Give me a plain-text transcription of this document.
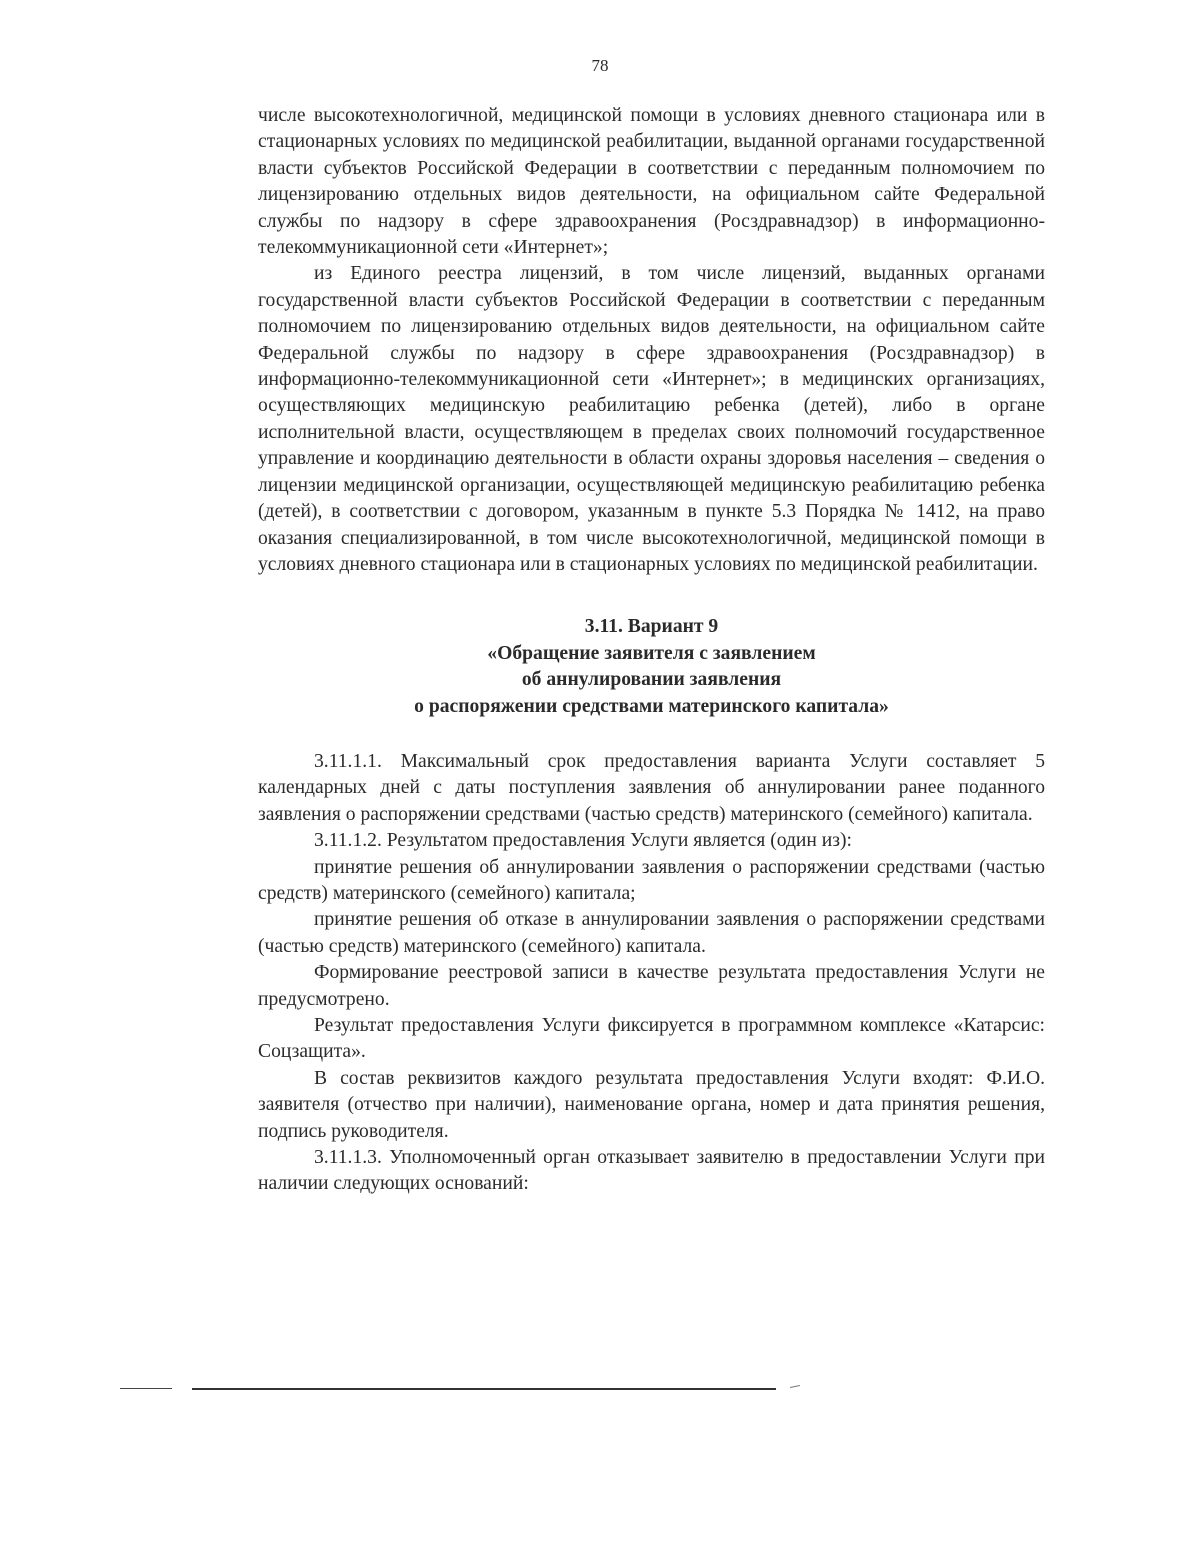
78

числе высокотехнологичной, медицинской помощи в условиях дневного стационара или в стационарных условиях по медицинской реабилитации, выданной органами государственной власти субъектов Российской Федерации в соответствии с переданным полномочием по лицензированию отдельных видов деятельности, на официальном сайте Федеральной службы по надзору в сфере здравоохранения (Росздравнадзор) в информационно-телекоммуникационной сети «Интернет»;

из Единого реестра лицензий, в том числе лицензий, выданных органами государственной власти субъектов Российской Федерации в соответствии с переданным полномочием по лицензированию отдельных видов деятельности, на официальном сайте Федеральной службы по надзору в сфере здравоохранения (Росздравнадзор) в информационно-телекоммуникационной сети «Интернет»; в медицинских организациях, осуществляющих медицинскую реабилитацию ребенка (детей), либо в органе исполнительной власти, осуществляющем в пределах своих полномочий государственное управление и координацию деятельности в области охраны здоровья населения – сведения о лицензии медицинской организации, осуществляющей медицинскую реабилитацию ребенка (детей), в соответствии с договором, указанным в пункте 5.3 Порядка № 1412, на право оказания специализированной, в том числе высокотехнологичной, медицинской помощи в условиях дневного стационара или в стационарных условиях по медицинской реабилитации.

3.11. Вариант 9
«Обращение заявителя с заявлением
об аннулировании заявления
о распоряжении средствами материнского капитала»

3.11.1.1. Максимальный срок предоставления варианта Услуги составляет 5 календарных дней с даты поступления заявления об аннулировании ранее поданного заявления о распоряжении средствами (частью средств) материнского (семейного) капитала.

3.11.1.2. Результатом предоставления Услуги является (один из):

принятие решения об аннулировании заявления о распоряжении средствами (частью средств) материнского (семейного) капитала;

принятие решения об отказе в аннулировании заявления о распоряжении средствами (частью средств) материнского (семейного) капитала.

Формирование реестровой записи в качестве результата предоставления Услуги не предусмотрено.

Результат предоставления Услуги фиксируется в программном комплексе «Катарсис: Соцзащита».

В состав реквизитов каждого результата предоставления Услуги входят: Ф.И.О. заявителя (отчество при наличии), наименование органа, номер и дата принятия решения, подпись руководителя.

3.11.1.3. Уполномоченный орган отказывает заявителю в предоставлении Услуги при наличии следующих оснований:
